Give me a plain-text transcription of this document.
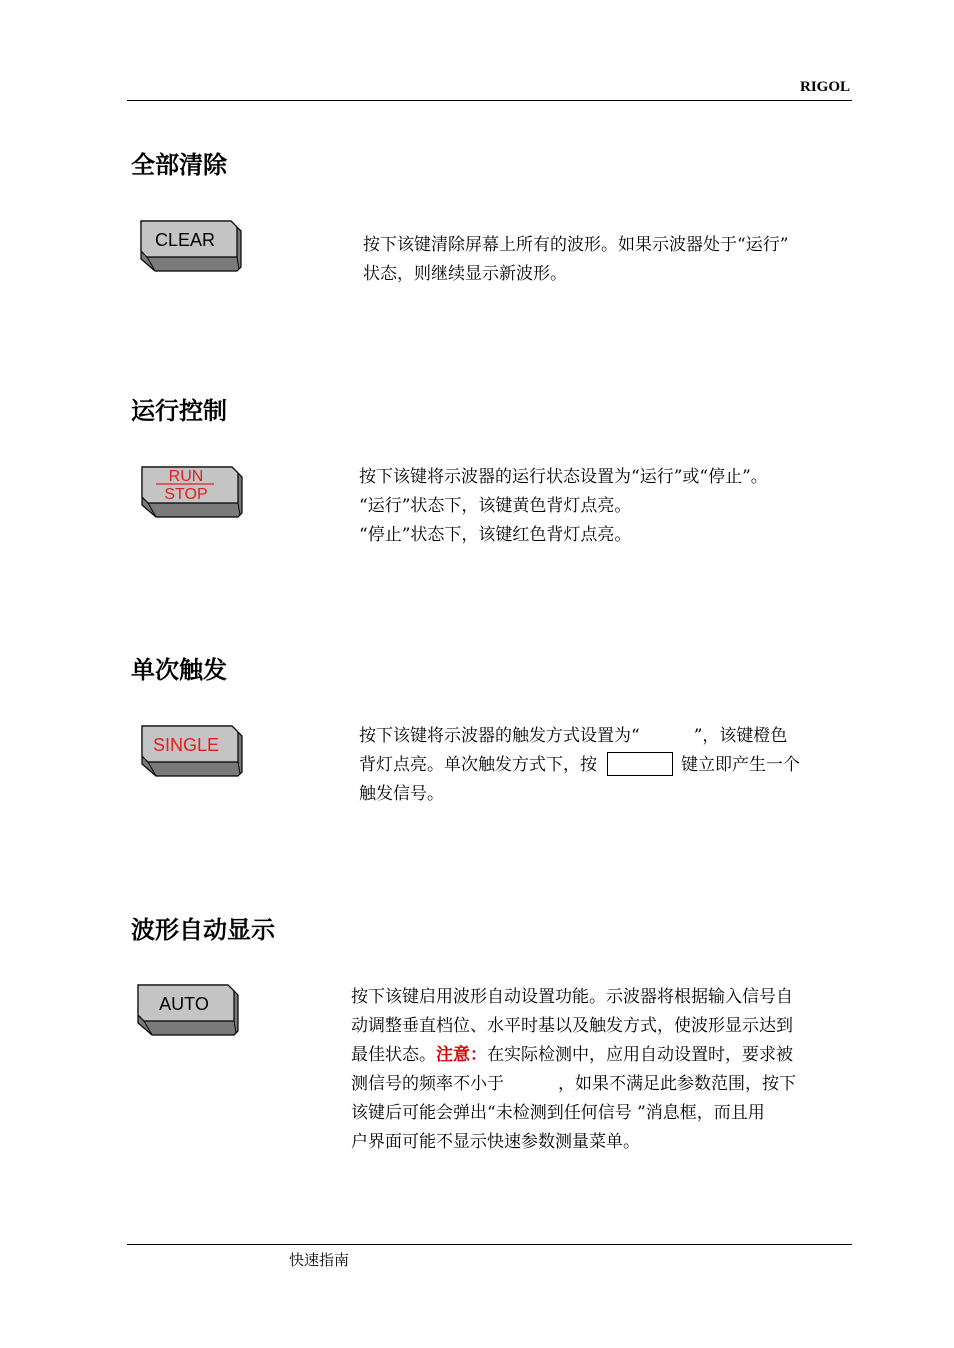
RIGOL
全部清除
CLEAR	按下该键清除屏幕上所有的波形。如果示波器处于“运行”

状态，则继续显示新波形。

运行控制
RUN
STOP

按下该键将示波器的运行状态设置为“运行”或“停止”。

“运行”状态下，该键黄色背灯点亮。

“停止”状态下，该键红色背灯点亮。

单次触发
SINGLE	按下该键将示波器的触发方式设置为“	”，该键橙色

背灯点亮。单次触发方式下，按	键立即产生一个

触发信号。

波形自动显示
AUTO	按下该键启用波形自动设置功能。示波器将根据输入信号自

动调整垂直档位、水平时基以及触发方式，使波形显示达到

最佳状态。注意：在实际检测中，应用自动设置时，要求被

测信号的频率不小于	，如果不满足此参数范围，按下

该键后可能会弹出“未检测到任何信号 ”消息框，而且用

户界面可能不显示快速参数测量菜单。

快速指南
